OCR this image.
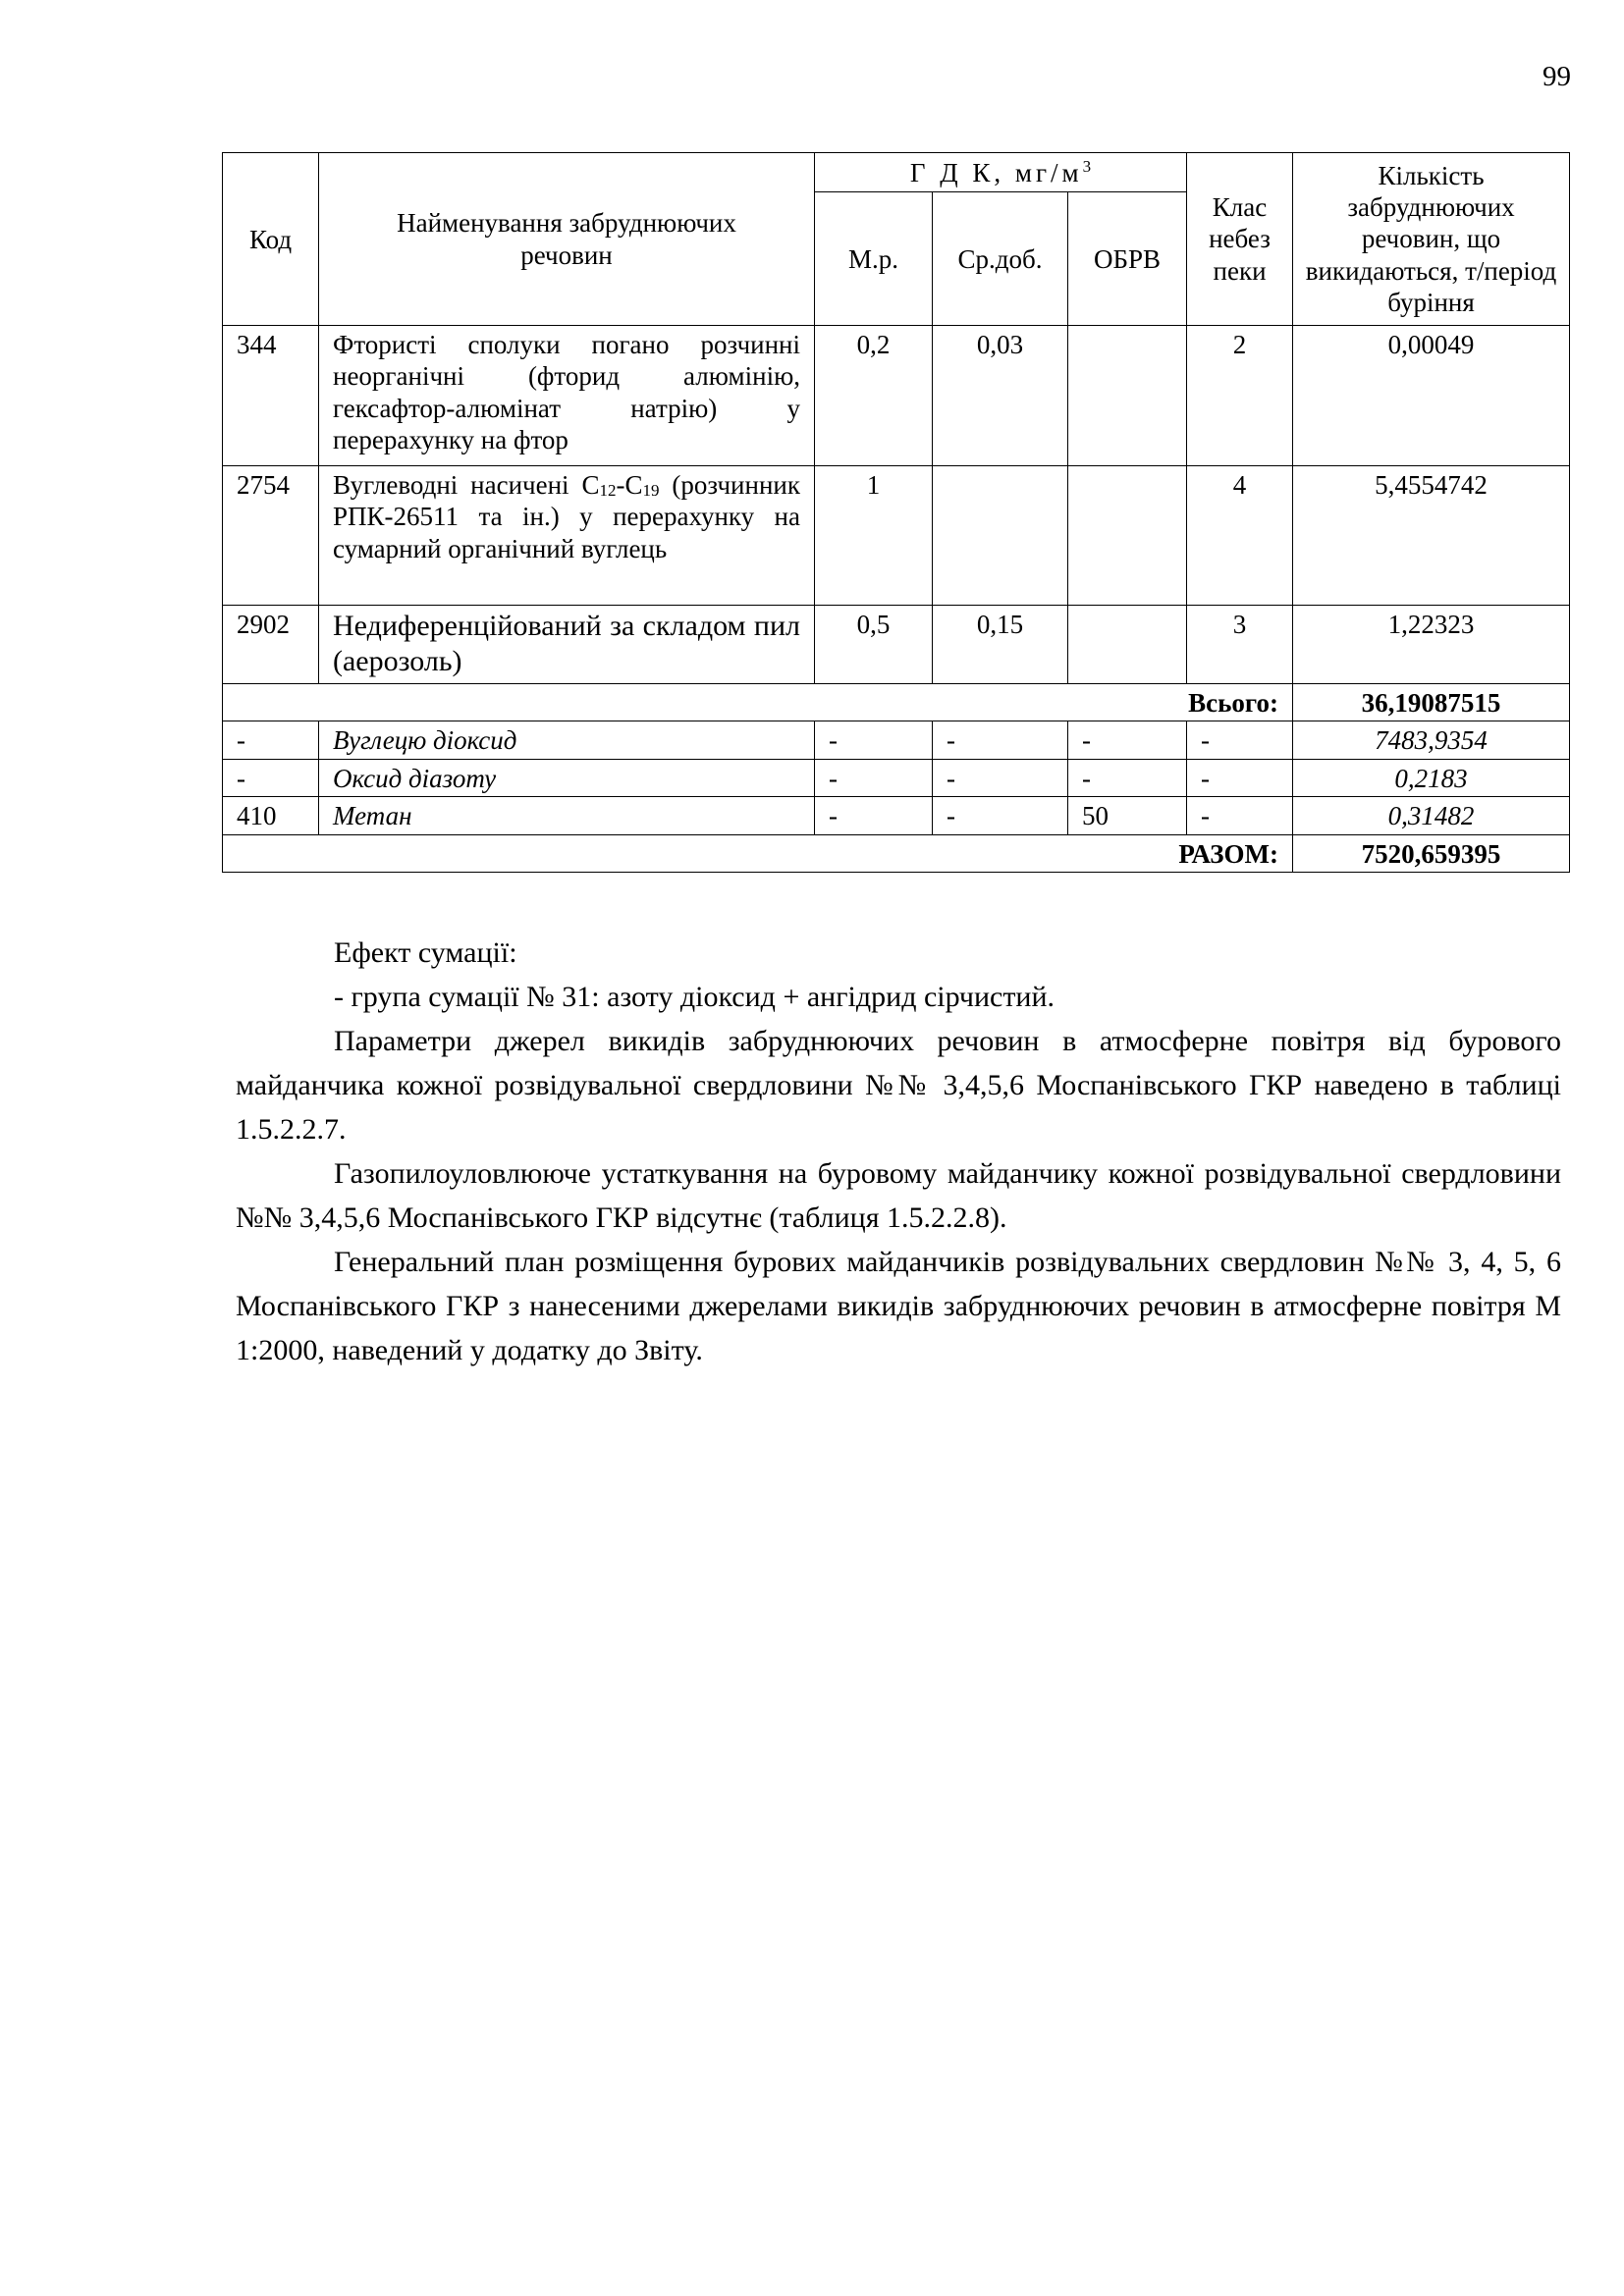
99
Код	Найменування забруднюючих речовин	Г Д К, $мг/м^3$			Клас небез пеки	Кількість забруднюючих речовин, що викидаються, т/період буріння
		М.р.	Ср.доб.	ОБРВ		
344	Фтористі сполуки погано розчинні неорганічні (фторид алюмінію, гексафтор-алюмінат натрію) у перерахунку на фтор	0,2	0,03		2	0,00049
2754	Вуглеводні насичені С12-С19 (розчинник РПК-26511 та ін.) у перерахунку на сумарний органічний вуглець	1			4	5,4554742
2902	Недиференційований за складом пил (аерозоль)	0,5	0,15		3	1,22323
Всього:						36,19087515
-	Вуглецю діоксид	-	-	-	-	7483,9354
-	Оксид діазоту	-	-	-	-	0,2183
410	Метан	-	-	50	-	0,31482
РАЗОМ:						7520,659395

Ефект сумації:

- група сумації № 31: азоту діоксид + ангідрид сірчистий.

Параметри джерел викидів забруднюючих речовин в атмосферне повітря від бурового майданчика кожної розвідувальної свердловини №№ 3,4,5,6 Моспанівського ГКР наведено в таблиці 1.5.2.2.7.

Газопилоуловлюючe устаткування на буровому майданчику кожної розвідувальної свердловини №№ 3,4,5,6 Моспанівського ГКР відсутнє (таблиця 1.5.2.2.8).

Генеральний план розміщення бурових майданчиків розвідувальних свердловин №№ 3, 4, 5, 6 Моспанівського ГКР з нанесеними джерелами викидів забруднюючих речовин в атмосферне повітря М 1:2000, наведений у додатку до Звіту.
